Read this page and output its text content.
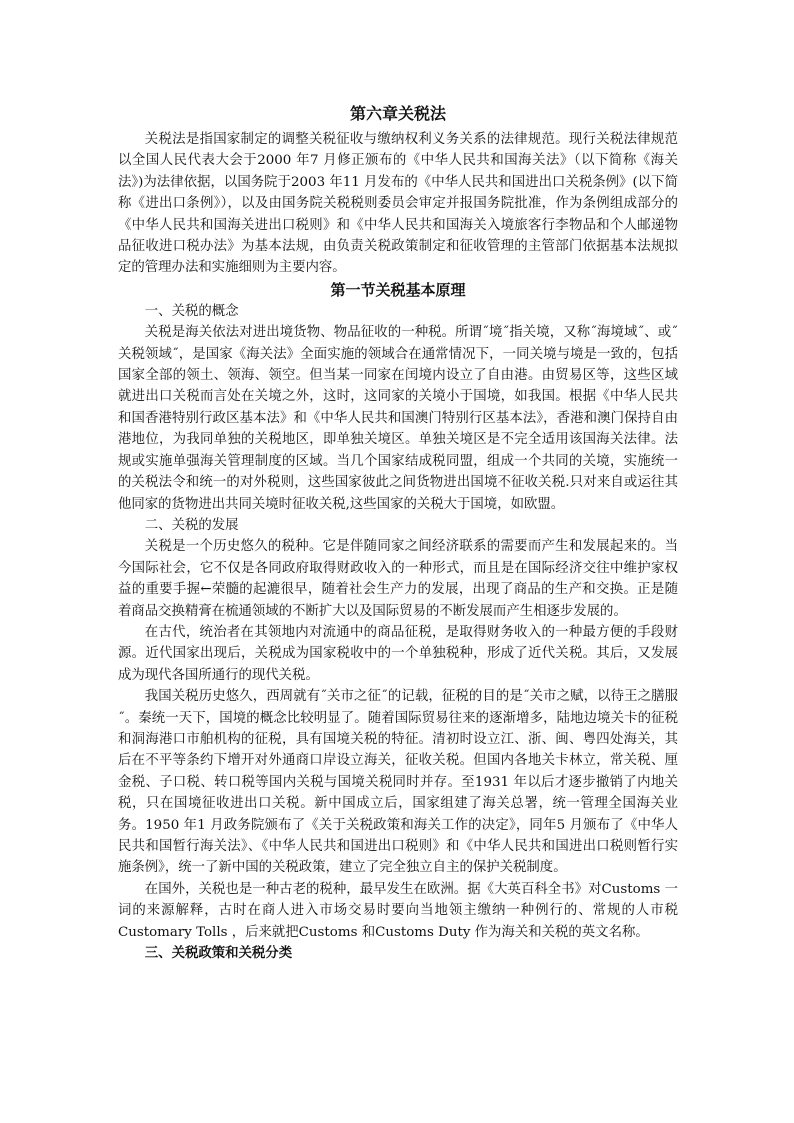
第六章关税法

关税法是指国家制定的调整关税征收与缴纳权利义务关系的法律规范。现行关税法律规范以全国人民代表大会于2000 年7 月修正颁布的《中华人民共和国海关法》（以下简称《海关法》)为法律依据，以国务院于2003 年11 月发布的《中华人民共和国进出口关税条例》(以下简称《进出口条例》），以及由国务院关税税则委员会审定并报国务院批准，作为条例组成部分的《中华人民共和国海关进出口税则》和《中华人民共和国海关入境旅客行李物品和个人邮递物品征收进口税办法》为基本法规，由负责关税政策制定和征收管理的主管部门依据基本法规拟定的管理办法和实施细则为主要内容。

第一节关税基本原理
一、关税的概念

关税是海关依法对进出境货物、物品征收的一种税。所谓˝境˝指关境，又称˝海境域˝、或˝关税领域˝，是国家《海关法》全面实施的领域合在通常情况下，一同关境与境是一致的，包括国家全部的领土、领海、领空。但当某一同家在闰境内设立了自由港。由贸易区等，这些区域就进出口关税而言处在关境之外，这时，这同家的关境小于国境，如我国。根据《中华人民共和国香港特别行政区基本法》和《中华人民共和国澳门特别行区基本法》，香港和澳门保持自由港地位，为我同单独的关税地区，即单独关境区。单独关境区是不完全适用该国海关法律。法规或实施单强海关管理制度的区域。当几个国家结成税同盟，组成一个共同的关境，实施统一的关税法令和统一的对外税则，这些国家彼此之间货物进出国境不征收关税.只对来自或运往其他同家的货物进出共同关境时征收关税,这些国家的关税大于国境，如欧盟。

二、关税的发展

关税是一个历史悠久的税种。它是伴随同家之间经济联系的需要而产生和发展起来的。当今国际社会，它不仅是各同政府取得财政收入的一种形式，而且是在国际经济交往中维护家权益的重要手握←荣髓的起漉很早，随着社会生产力的发展，出现了商品的生产和交换。正是随着商品交换精膏在梳通领域的不断扩大以及国际贸易的不断发展而产生相逐步发展的。

在古代，统治者在其领地内对流通中的商品征税，是取得财务收入的一种最方便的手段财源。近代国家出现后，关税成为国家税收中的一个单独税种，形成了近代关税。其后，又发展成为现代各国所通行的现代关税。

我国关税历史悠久，西周就有˝关市之征˝的记载，征税的目的是˝关市之赋，以待王之膳服˝。秦统一天下，国境的概念比较明显了。随着国际贸易往来的逐渐增多，陆地边境关卡的征税和洞海港口市舶机构的征税，具有国境关税的特征。清初时设立江、浙、闽、粤四处海关，其后在不平等条约下增开对外通商口岸设立海关，征收关税。但国内各地关卡林立，常关税、厘金税、子口税、转口税等国内关税与国境关税同时并存。至1931 年以后才逐步撤销了内地关税，只在国境征收进出口关税。新中国成立后，国家组建了海关总署，统一管理全国海关业务。1950 年1 月政务院颁布了《关于关税政策和海关工作的决定》，同年5 月颁布了《中华人民共和国暂行海关法》、《中华人民共和国进出口税则》和《中华人民共和国进出口税则暂行实施条例》，统一了新中国的关税政策，建立了完全独立自主的保护关税制度。

在国外，关税也是一种古老的税种，最早发生在欧洲。据《大英百科全书》对Customs 一词的来源解释，古时在商人进入市场交易时要向当地领主缴纳一种例行的、常规的人市税Customary Tolls ，后来就把Customs 和Customs Duty 作为海关和关税的英文名称。

三、关税政策和关税分类
